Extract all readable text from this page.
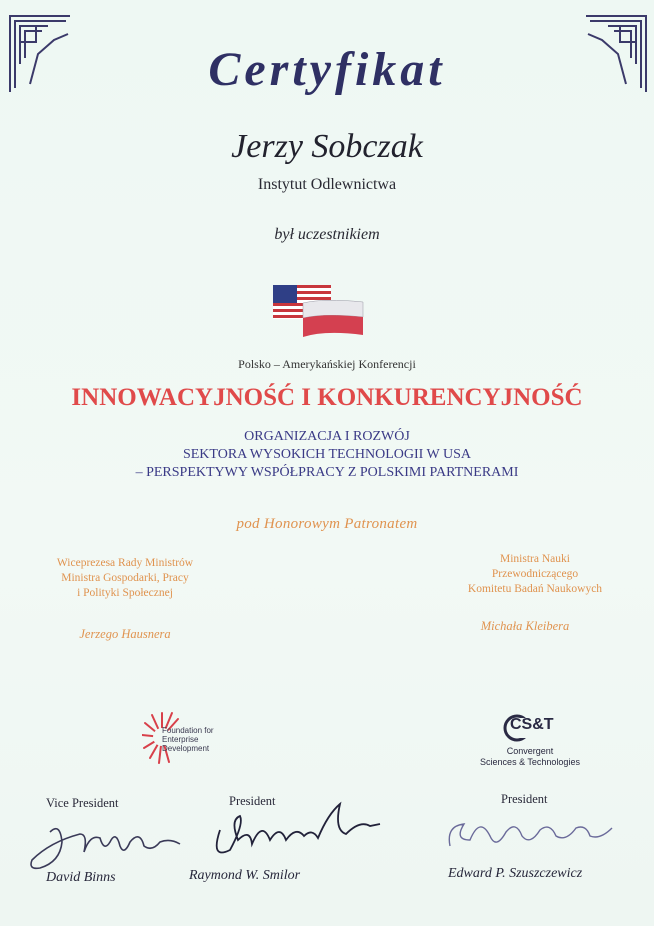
Certyfikat
Jerzy Sobczak
Instytut Odlewnictwa
był uczestnikiem
Polsko – Amerykańskiej Konferencji
INNOWACYJNOŚĆ I KONKURENCYJNOŚĆ
ORGANIZACJA I ROZWÓJ
SEKTORA WYSOKICH TECHNOLOGII W USA
– PERSPEKTYWY WSPÓŁPRACY Z POLSKIMI PARTNERAMI
pod Honorowym Patronatem
Wiceprezesa Rady Ministrów
Ministra Gospodarki, Pracy
i Polityki Społecznej
Jerzego Hausnera
Ministra Nauki
Przewodniczącego
Komitetu Badań Naukowych
Michała Kleibera
Foundation for
Enterprise
Development
CS&T
Convergent
Sciences & Technologies
Vice President	President	President
David Binns	Raymond W. Smilor	Edward P. Szuszczewicz
